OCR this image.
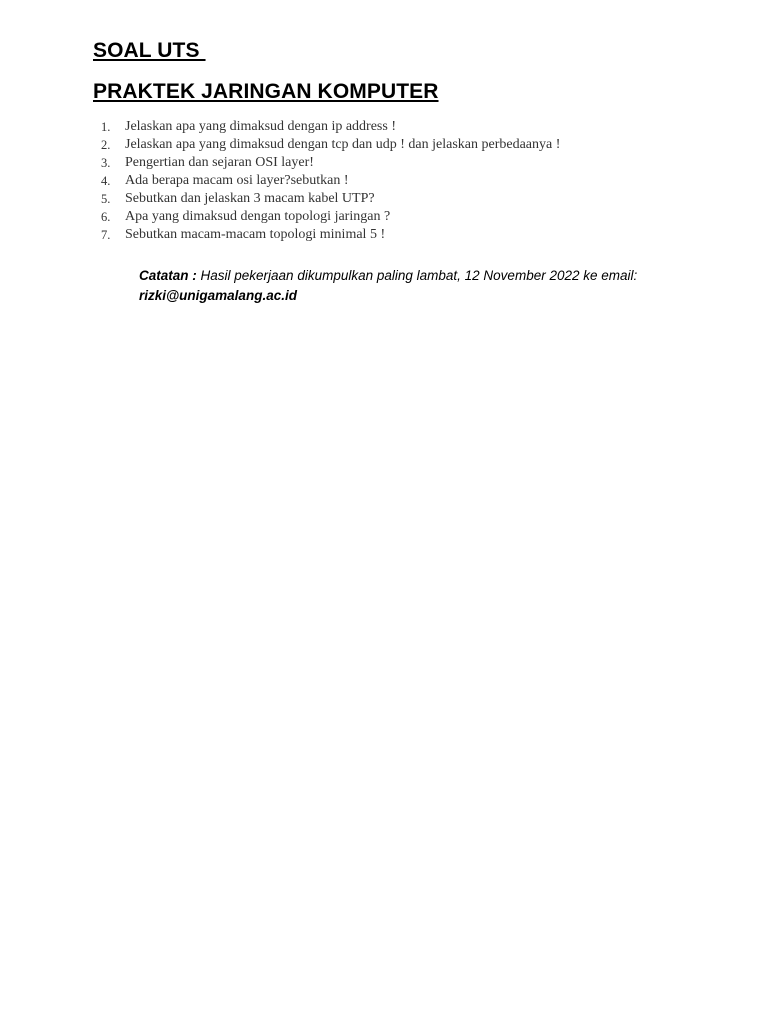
SOAL UTS
PRAKTEK JARINGAN KOMPUTER
1. Jelaskan apa yang dimaksud dengan ip address !
2. Jelaskan apa yang dimaksud dengan tcp dan udp ! dan jelaskan perbedaanya !
3. Pengertian dan sejaran OSI layer!
4. Ada berapa macam osi layer?sebutkan !
5. Sebutkan dan jelaskan 3 macam kabel UTP?
6. Apa yang dimaksud dengan topologi jaringan ?
7. Sebutkan macam-macam topologi minimal 5 !

Catatan : Hasil pekerjaan dikumpulkan paling lambat, 12 November 2022 ke email:
rizki@unigamalang.ac.id
